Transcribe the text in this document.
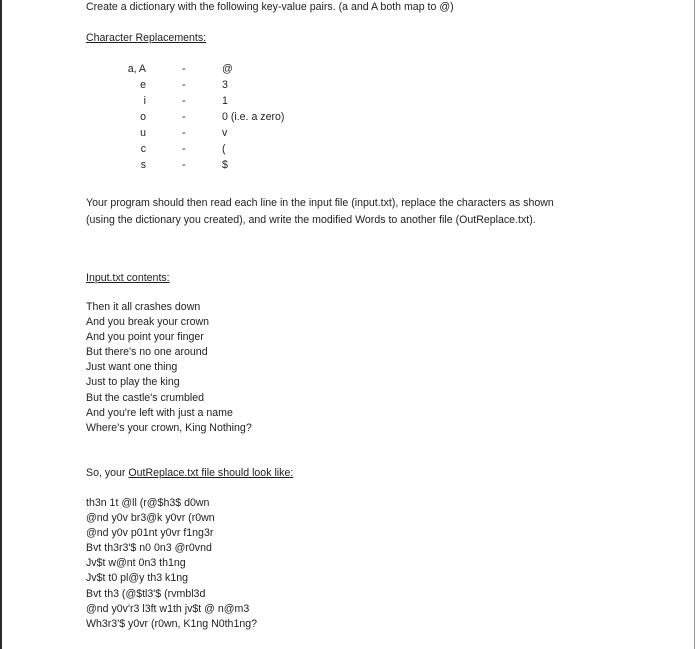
Create a dictionary with the following key-value pairs. (a and A both map to @)
Character Replacements:
a, A	-	@
e	-	3
i	-	1
o	-	0 (i.e. a zero)
u	-	v
c	-	(
s	-	$
Your program should then read each line in the input file (input.txt), replace the characters as shown
(using the dictionary you created), and write the modified Words to another file (OutReplace.txt).
Input.txt contents:
Then it all crashes down
And you break your crown
And you point your finger
But there's no one around
Just want one thing
Just to play the king
But the castle's crumbled
And you're left with just a name
Where's your crown, King Nothing?
So, your OutReplace.txt file should look like:
th3n 1t @ll (r@$h3$ d0wn
@nd y0v br3@k y0vr (r0wn
@nd y0v p01nt y0vr f1ng3r
Bvt th3r3'$ n0 0n3 @r0vnd
Jv$t w@nt 0n3 th1ng
Jv$t t0 pl@y th3 k1ng
Bvt th3 (@$tl3'$ (rvmbl3d
@nd y0v'r3 l3ft w1th jv$t @ n@m3
Wh3r3'$ y0vr (r0wn, K1ng N0th1ng?
